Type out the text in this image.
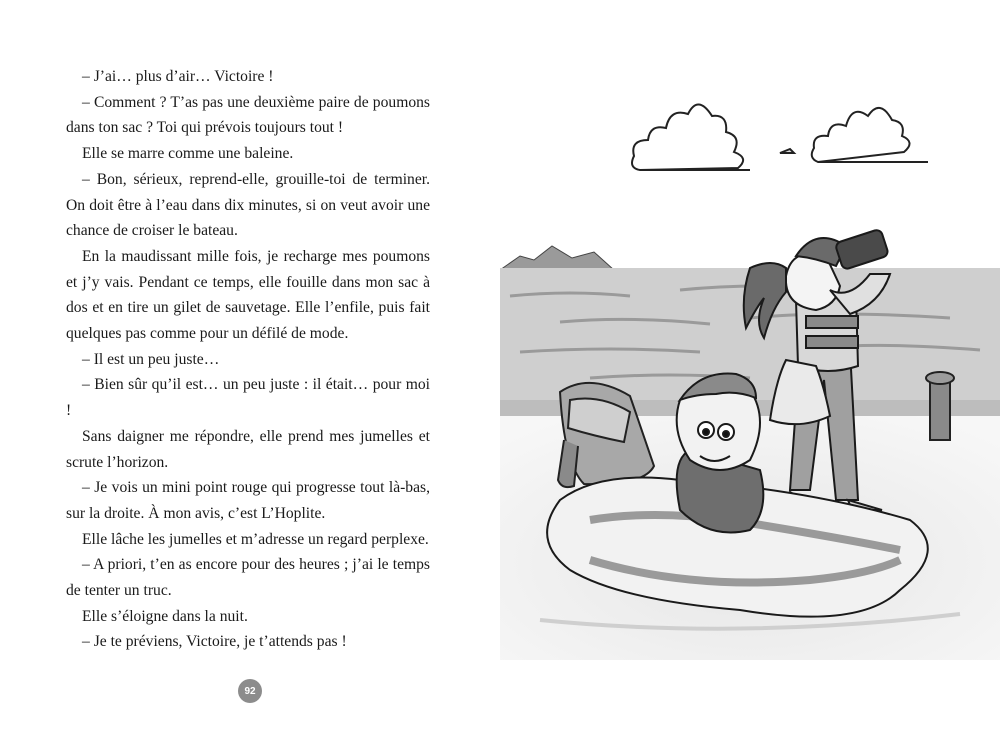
– J’ai… plus d’air… Victoire !

– Comment ? T’as pas une deuxième paire de poumons dans ton sac ? Toi qui prévois toujours tout !

Elle se marre comme une baleine.

– Bon, sérieux, reprend-elle, grouille-toi de terminer. On doit être à l’eau dans dix minutes, si on veut avoir une chance de croiser le bateau.

En la maudissant mille fois, je recharge mes poumons et j’y vais. Pendant ce temps, elle fouille dans mon sac à dos et en tire un gilet de sauvetage. Elle l’enfile, puis fait quelques pas comme pour un défilé de mode.

– Il est un peu juste…

– Bien sûr qu’il est… un peu juste : il était… pour moi !

Sans daigner me répondre, elle prend mes jumelles et scrute l’horizon.

– Je vois un mini point rouge qui progresse tout là-bas, sur la droite. À mon avis, c’est L’Hoplite.

Elle lâche les jumelles et m’adresse un regard perplexe.

– A priori, t’en as encore pour des heures ; j’ai le temps de tenter un truc.

Elle s’éloigne dans la nuit.

– Je te préviens, Victoire, je t’attends pas !

92
